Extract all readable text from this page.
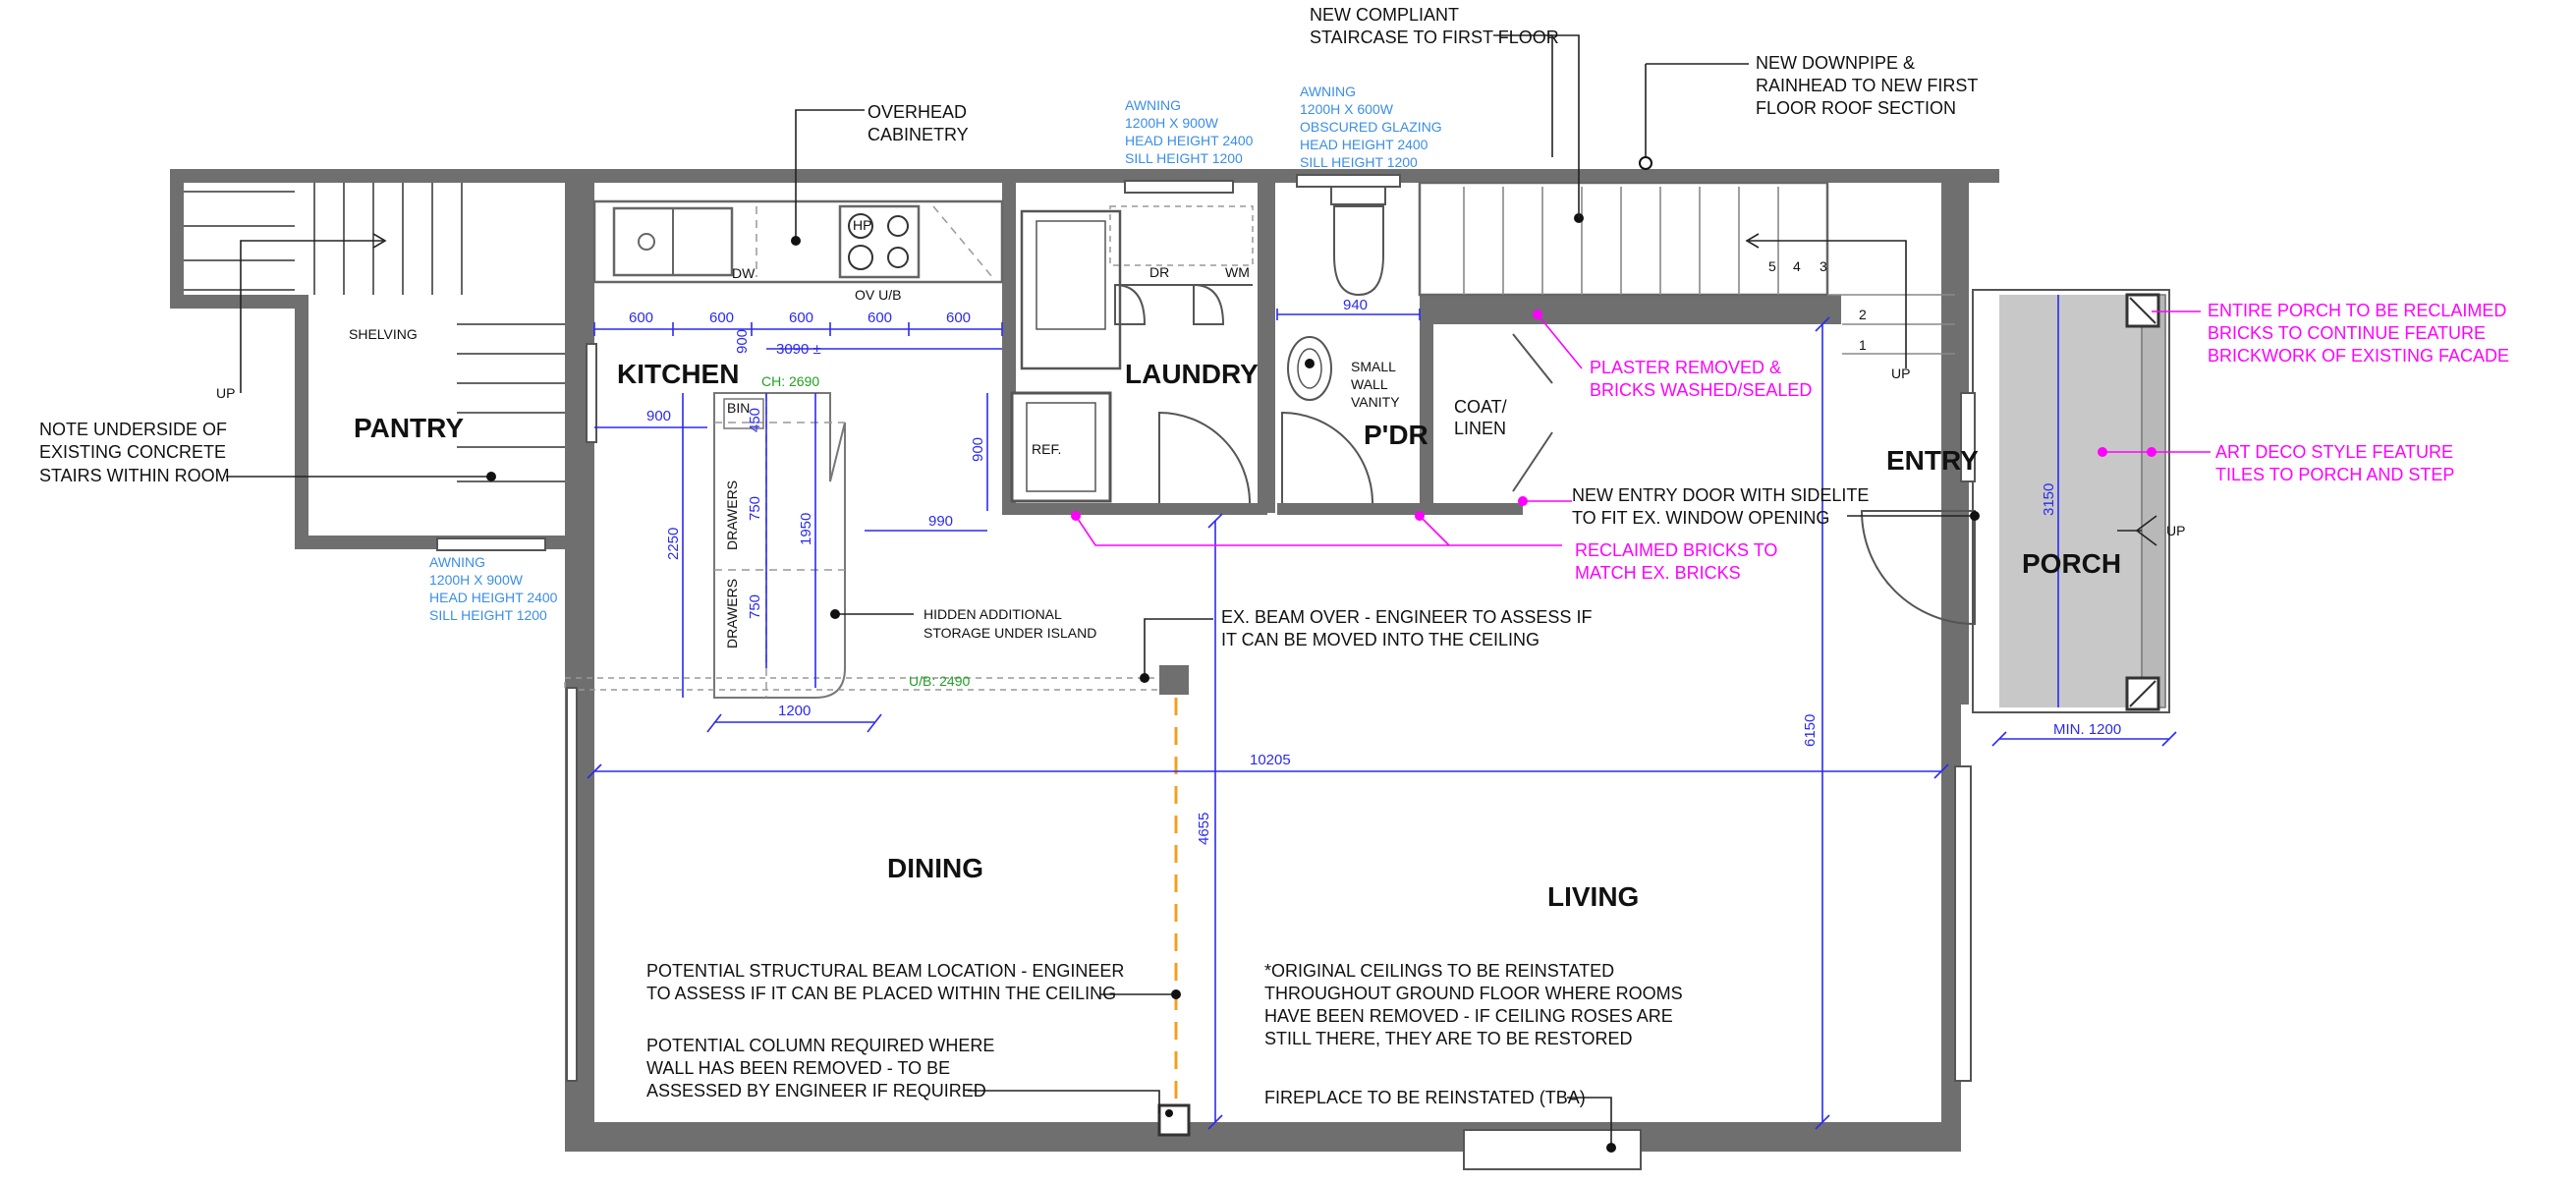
5 4 3
2
1
UP
KITCHEN	LAUNDRY
PANTRY	P'DR
COAT/
LINEN
ENTRY
PORCH
DINING
LIVING
NEW COMPLIANT
STAIRCASE TO FIRST FLOOR
NEW DOWNPIPE &
RAINHEAD TO NEW FIRST
FLOOR ROOF SECTION
OVERHEAD
CABINETRY
NOTE UNDERSIDE OF
EXISTING CONCRETE
STAIRS WITHIN ROOM
HIDDEN ADDITIONAL
STORAGE UNDER ISLAND
EX. BEAM OVER - ENGINEER TO ASSESS IF
IT CAN BE MOVED INTO THE CEILING
NEW ENTRY DOOR WITH SIDELITE
TO FIT EX. WINDOW OPENING
POTENTIAL STRUCTURAL BEAM LOCATION - ENGINEER
TO ASSESS IF IT CAN BE PLACED WITHIN THE CEILING
POTENTIAL COLUMN REQUIRED WHERE
WALL HAS BEEN REMOVED - TO BE
ASSESSED BY ENGINEER IF REQUIRED
*ORIGINAL CEILINGS TO BE REINSTATED
THROUGHOUT GROUND FLOOR WHERE ROOMS
HAVE BEEN REMOVED - IF CEILING ROSES ARE
STILL THERE, THEY ARE TO BE RESTORED
FIREPLACE TO BE REINSTATED (TBA)
SMALL
WALL
VANITY
ENTIRE PORCH TO BE RECLAIMED
BRICKS TO CONTINUE FEATURE
BRICKWORK OF EXISTING FACADE
PLASTER REMOVED &
BRICKS WASHED/SEALED
ART DECO STYLE FEATURE
TILES TO PORCH AND STEP
RECLAIMED BRICKS TO
MATCH EX. BRICKS
AWNING
1200H X 900W
HEAD HEIGHT 2400
SILL HEIGHT 1200
AWNING
1200H X 600W
OBSCURED GLAZING
HEAD HEIGHT 2400
SILL HEIGHT 1200
AWNING
1200H X 900W
HEAD HEIGHT 2400
SILL HEIGHT 1200
SHELVING
UP
UP
DW
OV U/B
HP
DR	WM
REF.
BIN
DRAWERS
DRAWERS
CH: 2690
U/B: 2490
600	600	600	600	600
3090 ±
900
900
900
940
450
750
750
1950
2250
990
1200
10205
4655
6150
3150
MIN. 1200
